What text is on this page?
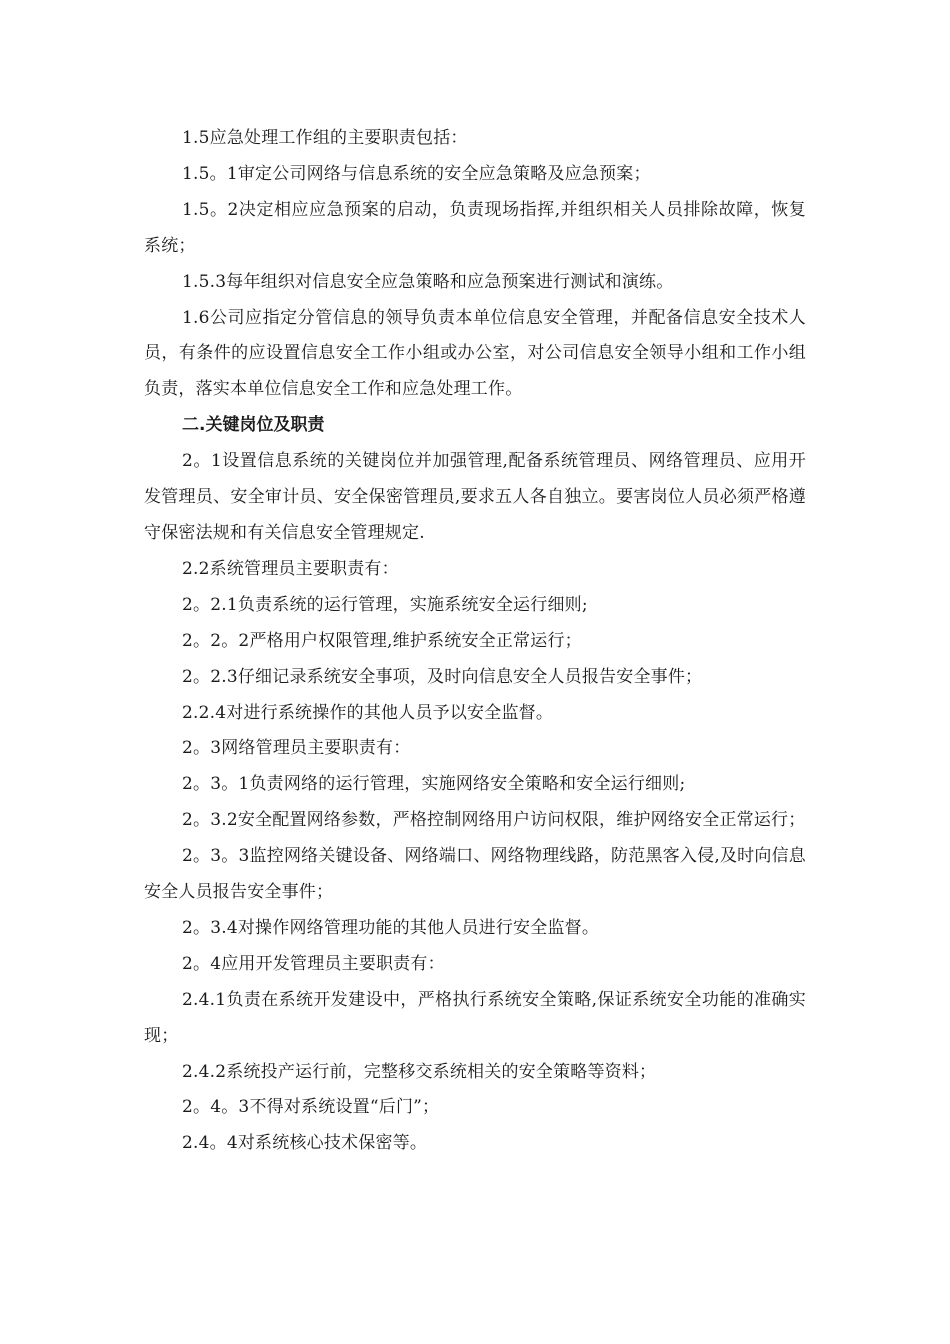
1.5应急处理工作组的主要职责包括：

1.5。1审定公司网络与信息系统的安全应急策略及应急预案；

1.5。2决定相应应急预案的启动，负责现场指挥,并组织相关人员排除故障，恢复系统；

1.5.3每年组织对信息安全应急策略和应急预案进行测试和演练。

1.6公司应指定分管信息的领导负责本单位信息安全管理，并配备信息安全技术人员，有条件的应设置信息安全工作小组或办公室，对公司信息安全领导小组和工作小组负责，落实本单位信息安全工作和应急处理工作。

二.关键岗位及职责

2。1设置信息系统的关键岗位并加强管理,配备系统管理员、网络管理员、应用开发管理员、安全审计员、安全保密管理员,要求五人各自独立。要害岗位人员必须严格遵守保密法规和有关信息安全管理规定.

2.2系统管理员主要职责有：

2。2.1负责系统的运行管理，实施系统安全运行细则;

2。2。2严格用户权限管理,维护系统安全正常运行；

2。2.3仔细记录系统安全事项，及时向信息安全人员报告安全事件；

2.2.4对进行系统操作的其他人员予以安全监督。

2。3网络管理员主要职责有：

2。3。1负责网络的运行管理，实施网络安全策略和安全运行细则;

2。3.2安全配置网络参数，严格控制网络用户访问权限，维护网络安全正常运行；

2。3。3监控网络关键设备、网络端口、网络物理线路，防范黑客入侵,及时向信息安全人员报告安全事件；

2。3.4对操作网络管理功能的其他人员进行安全监督。

2。4应用开发管理员主要职责有：

2.4.1负责在系统开发建设中，严格执行系统安全策略,保证系统安全功能的准确实现；

2.4.2系统投产运行前，完整移交系统相关的安全策略等资料；

2。4。3不得对系统设置“后门”；

2.4。4对系统核心技术保密等。
